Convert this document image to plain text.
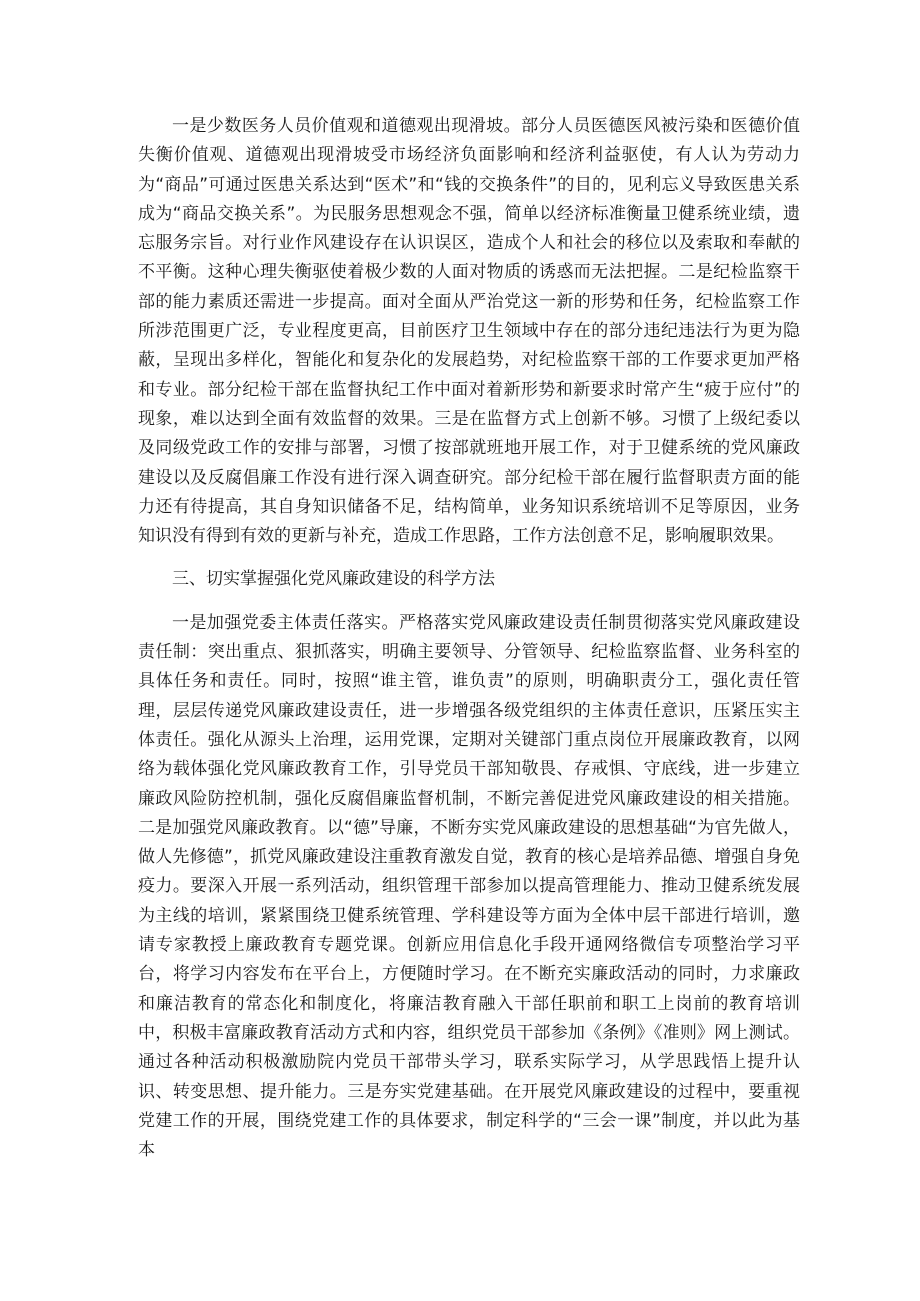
一是少数医务人员价值观和道德观出现滑坡。部分人员医德医风被污染和医德价值失衡价值观、道德观出现滑坡受市场经济负面影响和经济利益驱使，有人认为劳动力为“商品”可通过医患关系达到“医术”和“钱的交换条件”的目的，见利忘义导致医患关系成为“商品交换关系”。为民服务思想观念不强，简单以经济标准衡量卫健系统业绩，遗忘服务宗旨。对行业作风建设存在认识误区，造成个人和社会的移位以及索取和奉献的不平衡。这种心理失衡驱使着极少数的人面对物质的诱惑而无法把握。二是纪检监察干部的能力素质还需进一步提高。面对全面从严治党这一新的形势和任务，纪检监察工作所涉范围更广泛，专业程度更高，目前医疗卫生领域中存在的部分违纪违法行为更为隐蔽，呈现出多样化，智能化和复杂化的发展趋势，对纪检监察干部的工作要求更加严格和专业。部分纪检干部在监督执纪工作中面对着新形势和新要求时常产生“疲于应付”的现象，难以达到全面有效监督的效果。三是在监督方式上创新不够。习惯了上级纪委以及同级党政工作的安排与部署，习惯了按部就班地开展工作，对于卫健系统的党风廉政建设以及反腐倡廉工作没有进行深入调查研究。部分纪检干部在履行监督职责方面的能力还有待提高，其自身知识储备不足，结构简单，业务知识系统培训不足等原因，业务知识没有得到有效的更新与补充，造成工作思路，工作方法创意不足，影响履职效果。

三、切实掌握强化党风廉政建设的科学方法

一是加强党委主体责任落实。严格落实党风廉政建设责任制贯彻落实党风廉政建设责任制：突出重点、狠抓落实，明确主要领导、分管领导、纪检监察监督、业务科室的具体任务和责任。同时，按照“谁主管，谁负责”的原则，明确职责分工，强化责任管理，层层传递党风廉政建设责任，进一步增强各级党组织的主体责任意识，压紧压实主体责任。强化从源头上治理，运用党课，定期对关键部门重点岗位开展廉政教育，以网络为载体强化党风廉政教育工作，引导党员干部知敬畏、存戒惧、守底线，进一步建立廉政风险防控机制，强化反腐倡廉监督机制，不断完善促进党风廉政建设的相关措施。二是加强党风廉政教育。以“德”导廉，不断夯实党风廉政建设的思想基础“为官先做人，做人先修德”，抓党风廉政建设注重教育激发自觉，教育的核心是培养品德、增强自身免疫力。要深入开展一系列活动，组织管理干部参加以提高管理能力、推动卫健系统发展为主线的培训，紧紧围绕卫健系统管理、学科建设等方面为全体中层干部进行培训，邀请专家教授上廉政教育专题党课。创新应用信息化手段开通网络微信专项整治学习平台，将学习内容发布在平台上，方便随时学习。在不断充实廉政活动的同时，力求廉政和廉洁教育的常态化和制度化，将廉洁教育融入干部任职前和职工上岗前的教育培训中，积极丰富廉政教育活动方式和内容，组织党员干部参加《条例》《准则》网上测试。通过各种活动积极激励院内党员干部带头学习，联系实际学习，从学思践悟上提升认识、转变思想、提升能力。三是夯实党建基础。在开展党风廉政建设的过程中，要重视党建工作的开展，围绕党建工作的具体要求，制定科学的“三会一课”制度，并以此为基本
